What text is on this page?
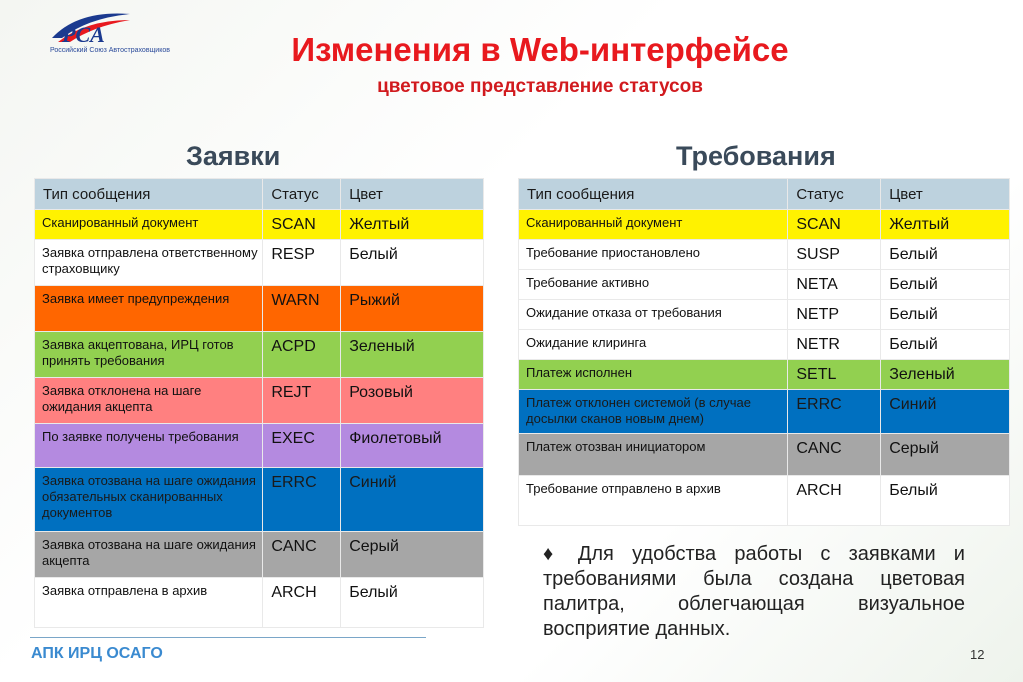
PCA
Российский Союз Автостраховщиков	Изменения в Web-интерфейсе
цветовое представление статусов
Заявки	Требования
Тип сообщения	Статус	Цвет
Сканированный документ	SCAN	Желтый
Заявка отправлена ответственному страховщику	RESP	Белый
Заявка имеет предупреждения	WARN	Рыжий
Заявка акцептована, ИРЦ готов принять требования	ACPD	Зеленый
Заявка отклонена на шаге ожидания акцепта	REJT	Розовый
По заявке получены требования	EXEC	Фиолетовый
Заявка отозвана на шаге ожидания обязательных сканированных документов	ERRC	Синий
Заявка отозвана на шаге ожидания акцепта	CANC	Серый
Заявка отправлена в архив	ARCH	Белый
Тип сообщения	Статус	Цвет
Сканированный документ	SCAN	Желтый
Требование приостановлено	SUSP	Белый
Требование активно	NETA	Белый
Ожидание отказа от требования	NETP	Белый
Ожидание клиринга	NETR	Белый
Платеж исполнен	SETL	Зеленый
Платеж отклонен системой (в случае досылки сканов новым днем)	ERRC	Синий
Платеж отозван инициатором	CANC	Серый
Требование отправлено в архив	ARCH	Белый
♦ Для удобства работы с заявками и требованиями была создана цветовая палитра, облегчающая визуальное восприятие данных.
АПК ИРЦ ОСАГО	12
